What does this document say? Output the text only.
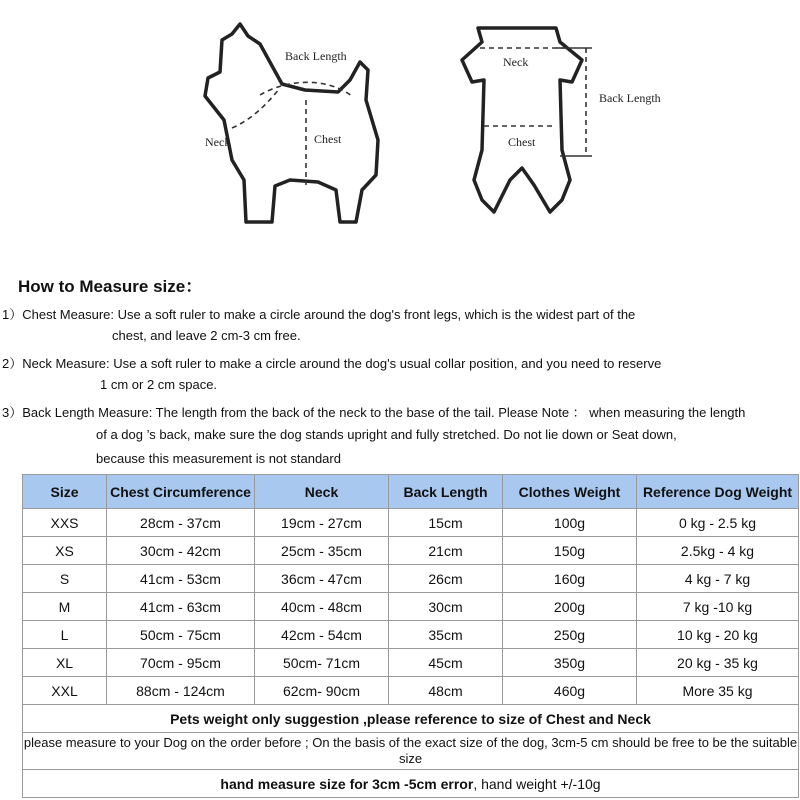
Back Length
Neck	Chest
Neck
Back Length
Chest
How to Measure size：

1）Chest Measure: Use a soft ruler to make a circle around the dog's front legs, which is the widest part of the

chest, and leave 2 cm-3 cm free.

2）Neck Measure: Use a soft ruler to make a circle around the dog's usual collar position, and you need to reserve

1 cm or 2 cm space.

3）Back Length Measure: The length from the back of the neck to the base of the tail. Please Note ： when measuring the length

of a dog ’s back, make sure the dog stands upright and fully stretched. Do not lie down or Seat down,

because this measurement is not standard

Size	Chest Circumference	Neck	Back Length	Clothes Weight	Reference Dog Weight
XXS	28cm - 37cm	19cm - 27cm	15cm	100g	0 kg - 2.5 kg
XS	30cm - 42cm	25cm - 35cm	21cm	150g	2.5kg - 4 kg
S	41cm - 53cm	36cm - 47cm	26cm	160g	4 kg - 7 kg
M	41cm - 63cm	40cm - 48cm	30cm	200g	7 kg -10 kg
L	50cm - 75cm	42cm - 54cm	35cm	250g	10 kg - 20 kg
XL	70cm - 95cm	50cm- 71cm	45cm	350g	20 kg - 35 kg
XXL	88cm - 124cm	62cm- 90cm	48cm	460g	More 35 kg
Pets weight only suggestion ,please reference to size of Chest and Neck					
please measure to your Dog on the order before ; On the basis of the exact size of the dog, 3cm-5 cm should be free to be the suitable size					
hand measure size for 3cm -5cm error, hand weight +/-10g					
